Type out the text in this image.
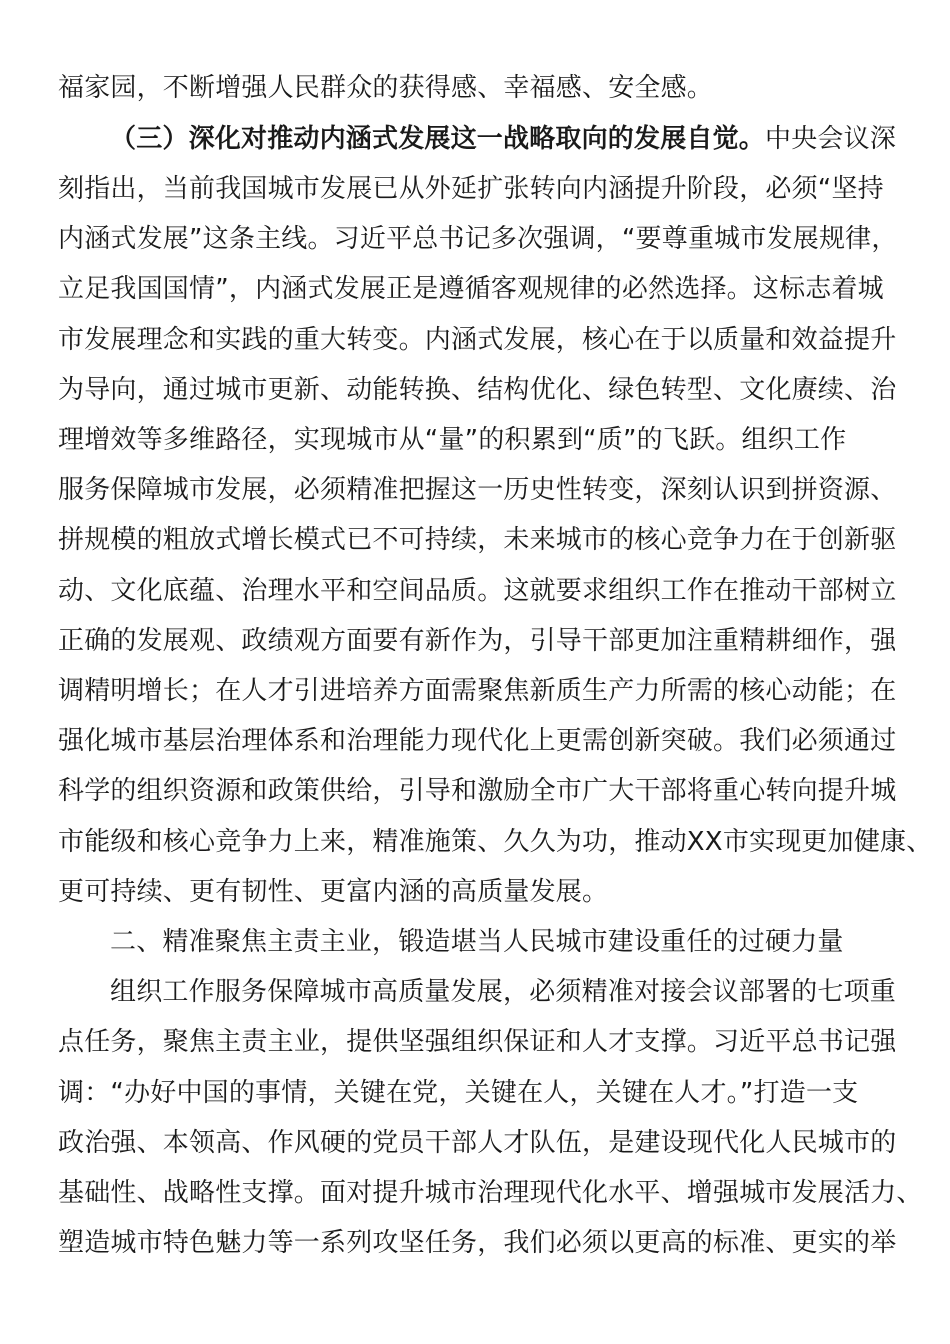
福家园，不断增强人民群众的获得感、幸福感、安全感。
（三）深化对推动内涵式发展这一战略取向的发展自觉。中央会议深
刻指出，当前我国城市发展已从外延扩张转向内涵提升阶段，必须“坚持
内涵式发展”这条主线。习近平总书记多次强调，“要尊重城市发展规律，
立足我国国情”，内涵式发展正是遵循客观规律的必然选择。这标志着城
市发展理念和实践的重大转变。内涵式发展，核心在于以质量和效益提升
为导向，通过城市更新、动能转换、结构优化、绿色转型、文化赓续、治
理增效等多维路径，实现城市从“量”的积累到“质”的飞跃。组织工作
服务保障城市发展，必须精准把握这一历史性转变，深刻认识到拼资源、
拼规模的粗放式增长模式已不可持续，未来城市的核心竞争力在于创新驱
动、文化底蕴、治理水平和空间品质。这就要求组织工作在推动干部树立
正确的发展观、政绩观方面要有新作为，引导干部更加注重精耕细作，强
调精明增长；在人才引进培养方面需聚焦新质生产力所需的核心动能；在
强化城市基层治理体系和治理能力现代化上更需创新突破。我们必须通过
科学的组织资源和政策供给，引导和激励全市广大干部将重心转向提升城
市能级和核心竞争力上来，精准施策、久久为功，推动XX市实现更加健康、
更可持续、更有韧性、更富内涵的高质量发展。
二、精准聚焦主责主业，锻造堪当人民城市建设重任的过硬力量
组织工作服务保障城市高质量发展，必须精准对接会议部署的七项重
点任务，聚焦主责主业，提供坚强组织保证和人才支撑。习近平总书记强
调：“办好中国的事情，关键在党，关键在人，关键在人才。”打造一支
政治强、本领高、作风硬的党员干部人才队伍，是建设现代化人民城市的
基础性、战略性支撑。面对提升城市治理现代化水平、增强城市发展活力、
塑造城市特色魅力等一系列攻坚任务，我们必须以更高的标准、更实的举
